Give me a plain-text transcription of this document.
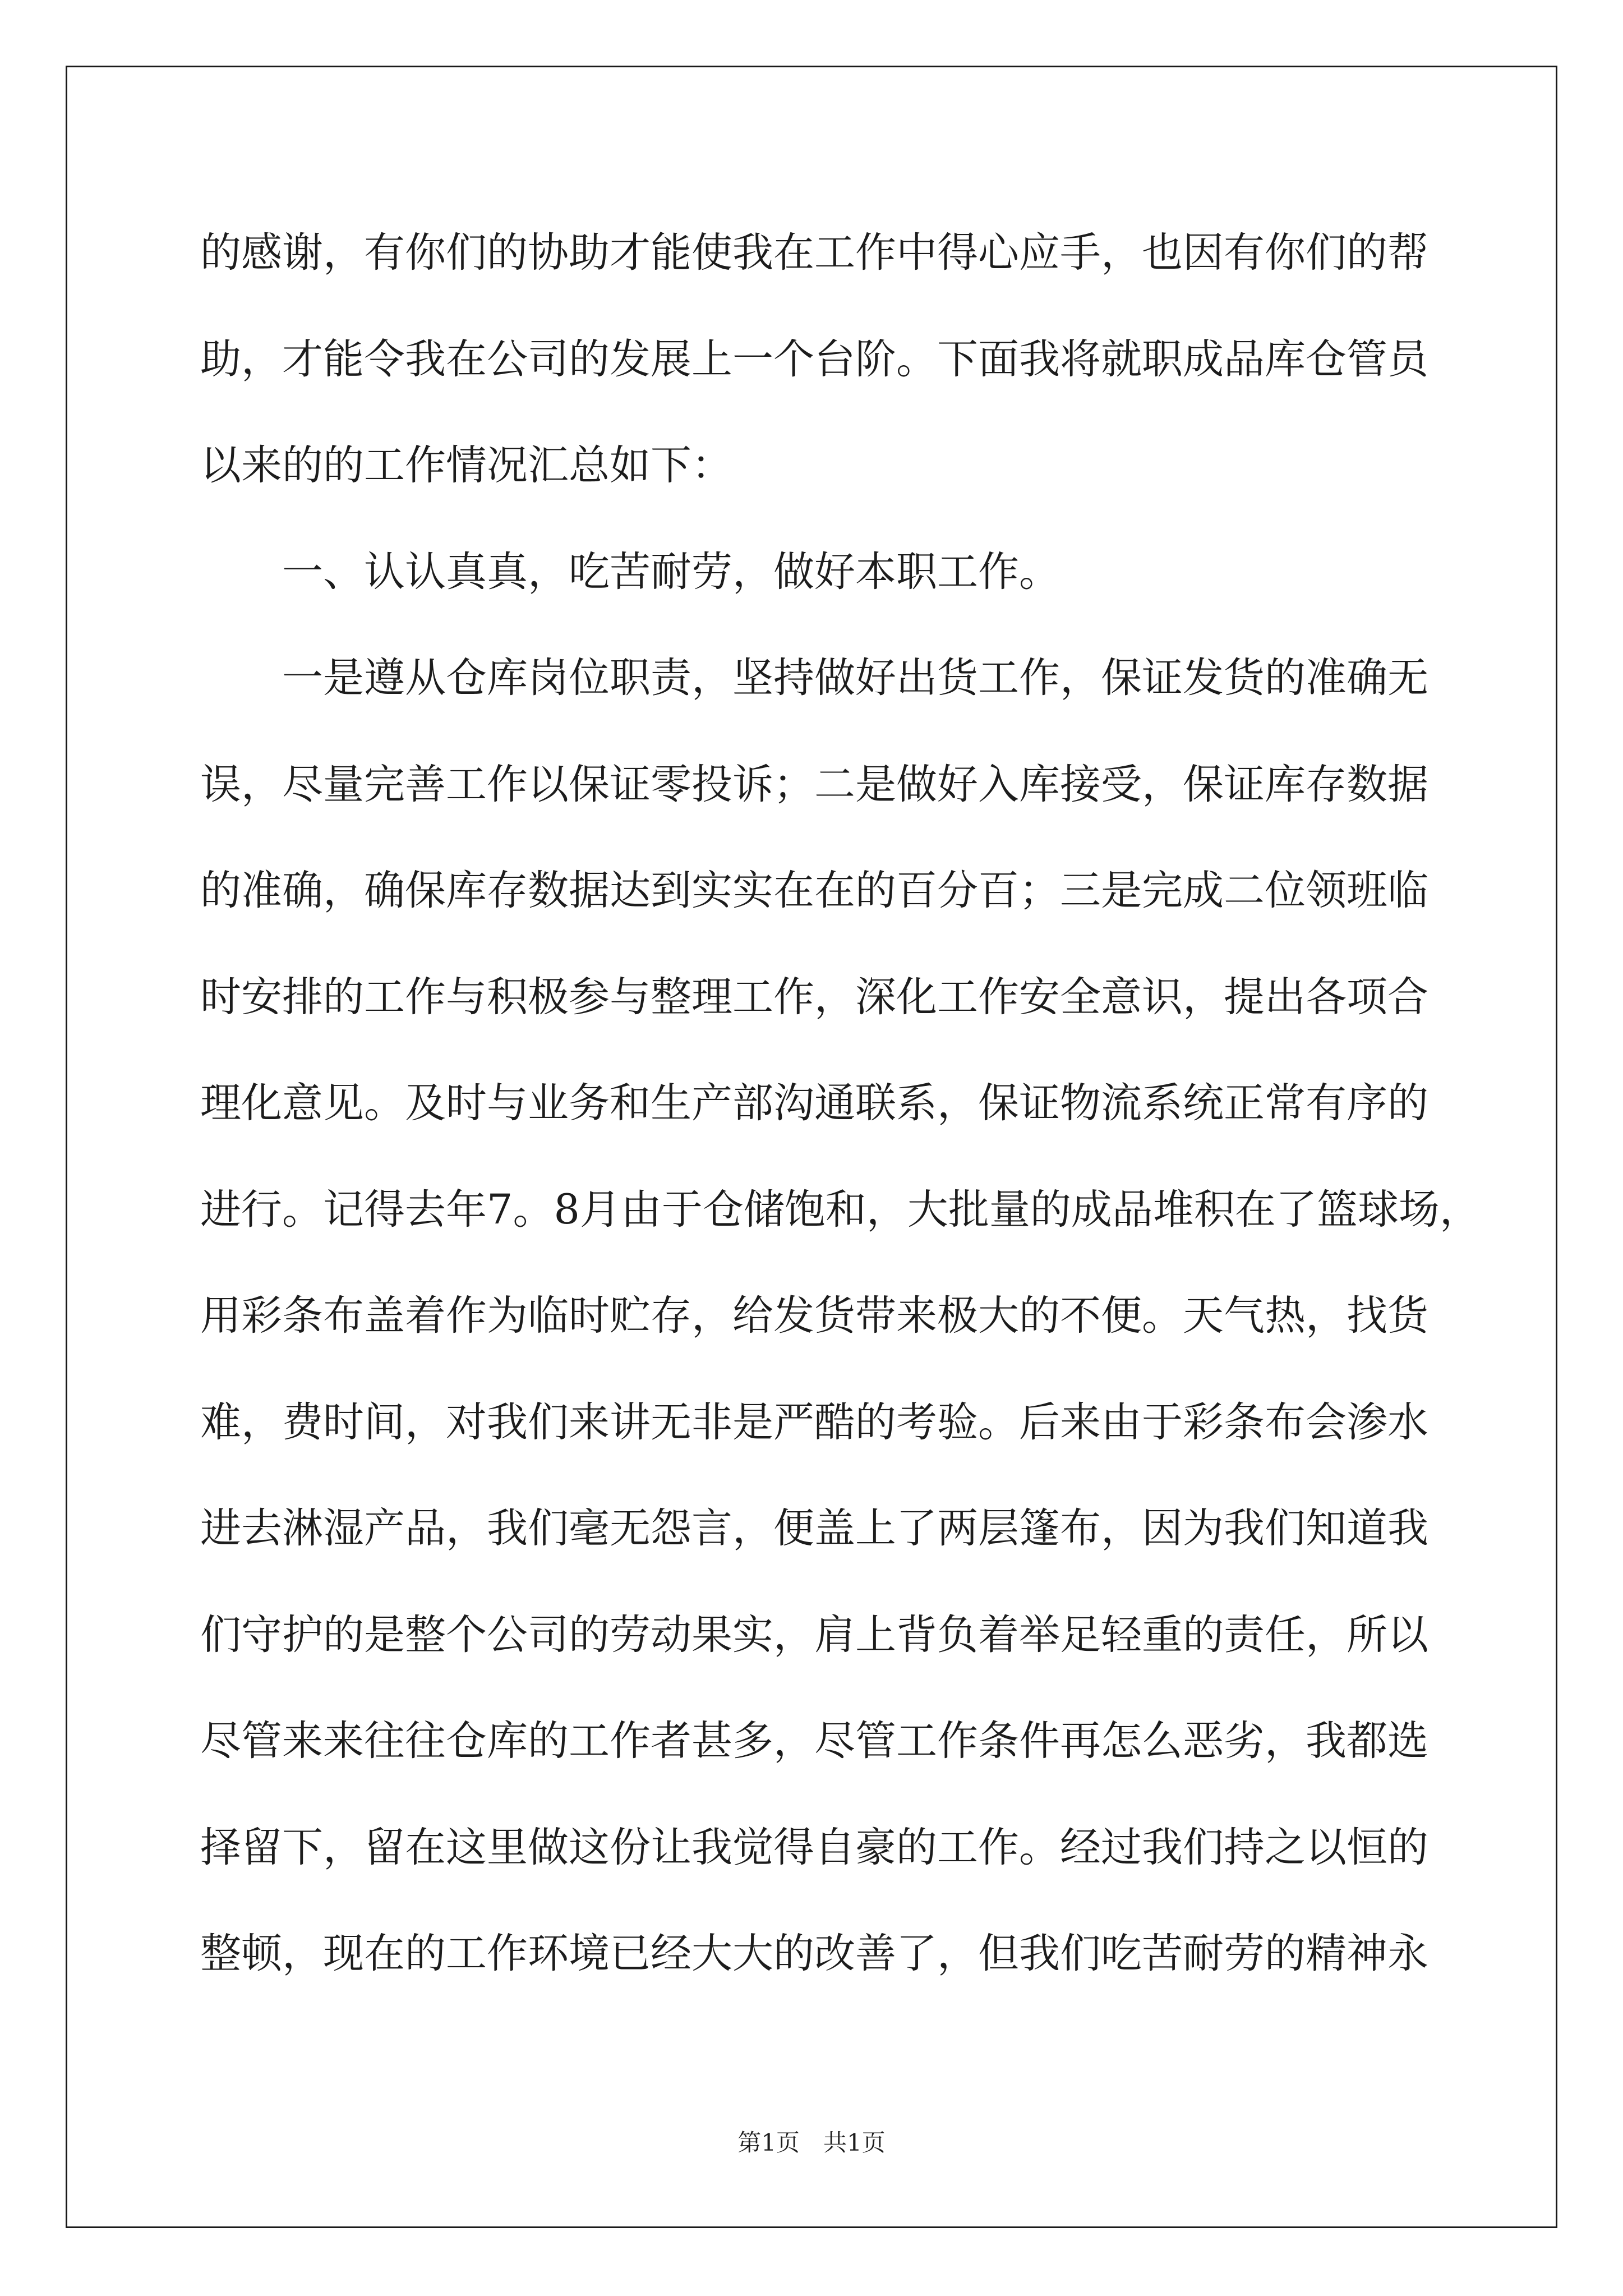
的感谢，有你们的协助才能使我在工作中得心应手，也因有你们的帮
助，才能令我在公司的发展上一个台阶。下面我将就职成品库仓管员
以来的的工作情况汇总如下：
　　一、认认真真，吃苦耐劳，做好本职工作。
　　一是遵从仓库岗位职责，坚持做好出货工作，保证发货的准确无
误，尽量完善工作以保证零投诉；二是做好入库接受，保证库存数据
的准确，确保库存数据达到实实在在的百分百；三是完成二位领班临
时安排的工作与积极参与整理工作，深化工作安全意识，提出各项合
理化意见。及时与业务和生产部沟通联系，保证物流系统正常有序的
进行。记得去年7。8月由于仓储饱和，大批量的成品堆积在了篮球场，
用彩条布盖着作为临时贮存，给发货带来极大的不便。天气热，找货
难，费时间，对我们来讲无非是严酷的考验。后来由于彩条布会渗水
进去淋湿产品，我们毫无怨言，便盖上了两层篷布，因为我们知道我
们守护的是整个公司的劳动果实，肩上背负着举足轻重的责任，所以
尽管来来往往仓库的工作者甚多，尽管工作条件再怎么恶劣，我都选
择留下，留在这里做这份让我觉得自豪的工作。经过我们持之以恒的
整顿，现在的工作环境已经大大的改善了，但我们吃苦耐劳的精神永
第1页 共1页
